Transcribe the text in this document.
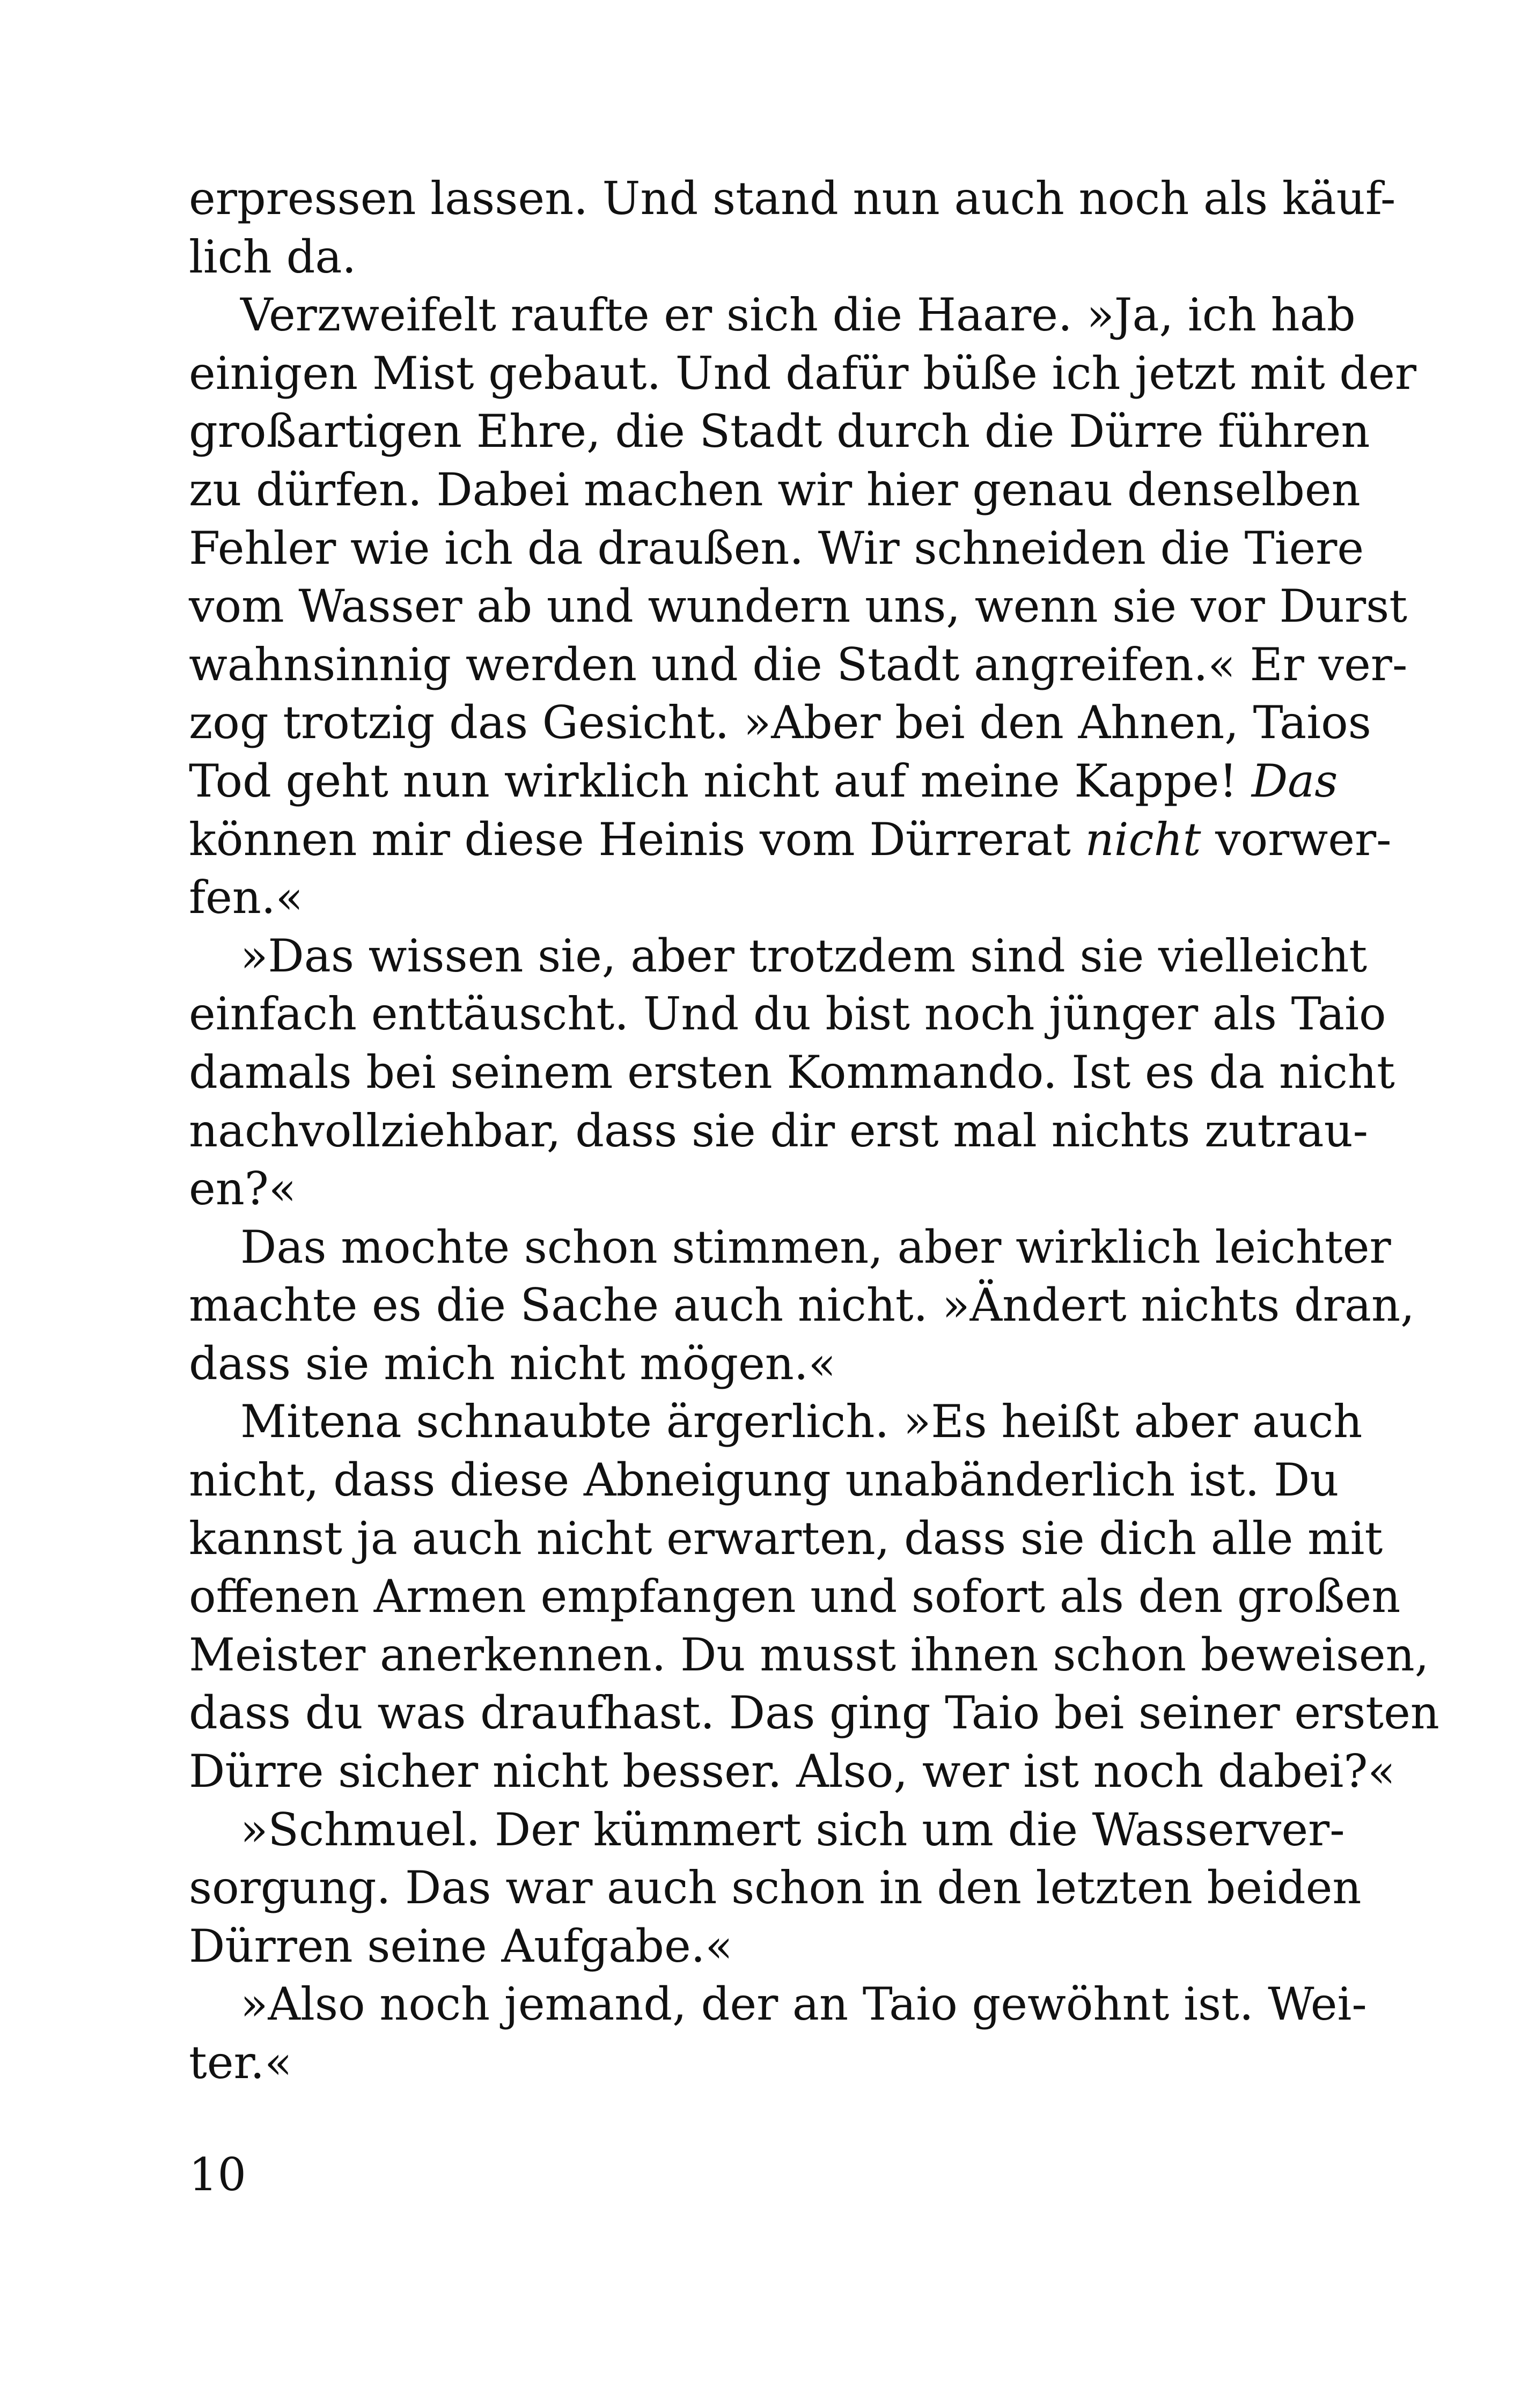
erpressen lassen. Und stand nun auch noch als käuf-
lich da.
Verzweifelt raufte er sich die Haare. »Ja, ich hab
einigen Mist gebaut. Und dafür büße ich jetzt mit der
großartigen Ehre, die Stadt durch die Dürre führen
zu dürfen. Dabei machen wir hier genau denselben
Fehler wie ich da draußen. Wir schneiden die Tiere
vom Wasser ab und wundern uns, wenn sie vor Durst
wahnsinnig werden und die Stadt angreifen.« Er ver-
zog trotzig das Gesicht. »Aber bei den Ahnen, Taios
Tod geht nun wirklich nicht auf meine Kappe! Das
können mir diese Heinis vom Dürrerat nicht vorwer-
fen.«
»Das wissen sie, aber trotzdem sind sie vielleicht
einfach enttäuscht. Und du bist noch jünger als Taio
damals bei seinem ersten Kommando. Ist es da nicht
nachvollziehbar, dass sie dir erst mal nichts zutrau-
en?«
Das mochte schon stimmen, aber wirklich leichter
machte es die Sache auch nicht. »Ändert nichts dran,
dass sie mich nicht mögen.«
Mitena schnaubte ärgerlich. »Es heißt aber auch
nicht, dass diese Abneigung unabänderlich ist. Du
kannst ja auch nicht erwarten, dass sie dich alle mit
offenen Armen empfangen und sofort als den großen
Meister anerkennen. Du musst ihnen schon beweisen,
dass du was draufhast. Das ging Taio bei seiner ersten
Dürre sicher nicht besser. Also, wer ist noch dabei?«
»Schmuel. Der kümmert sich um die Wasserver-
sorgung. Das war auch schon in den letzten beiden
Dürren seine Aufgabe.«
»Also noch jemand, der an Taio gewöhnt ist. Wei-
ter.«
10
